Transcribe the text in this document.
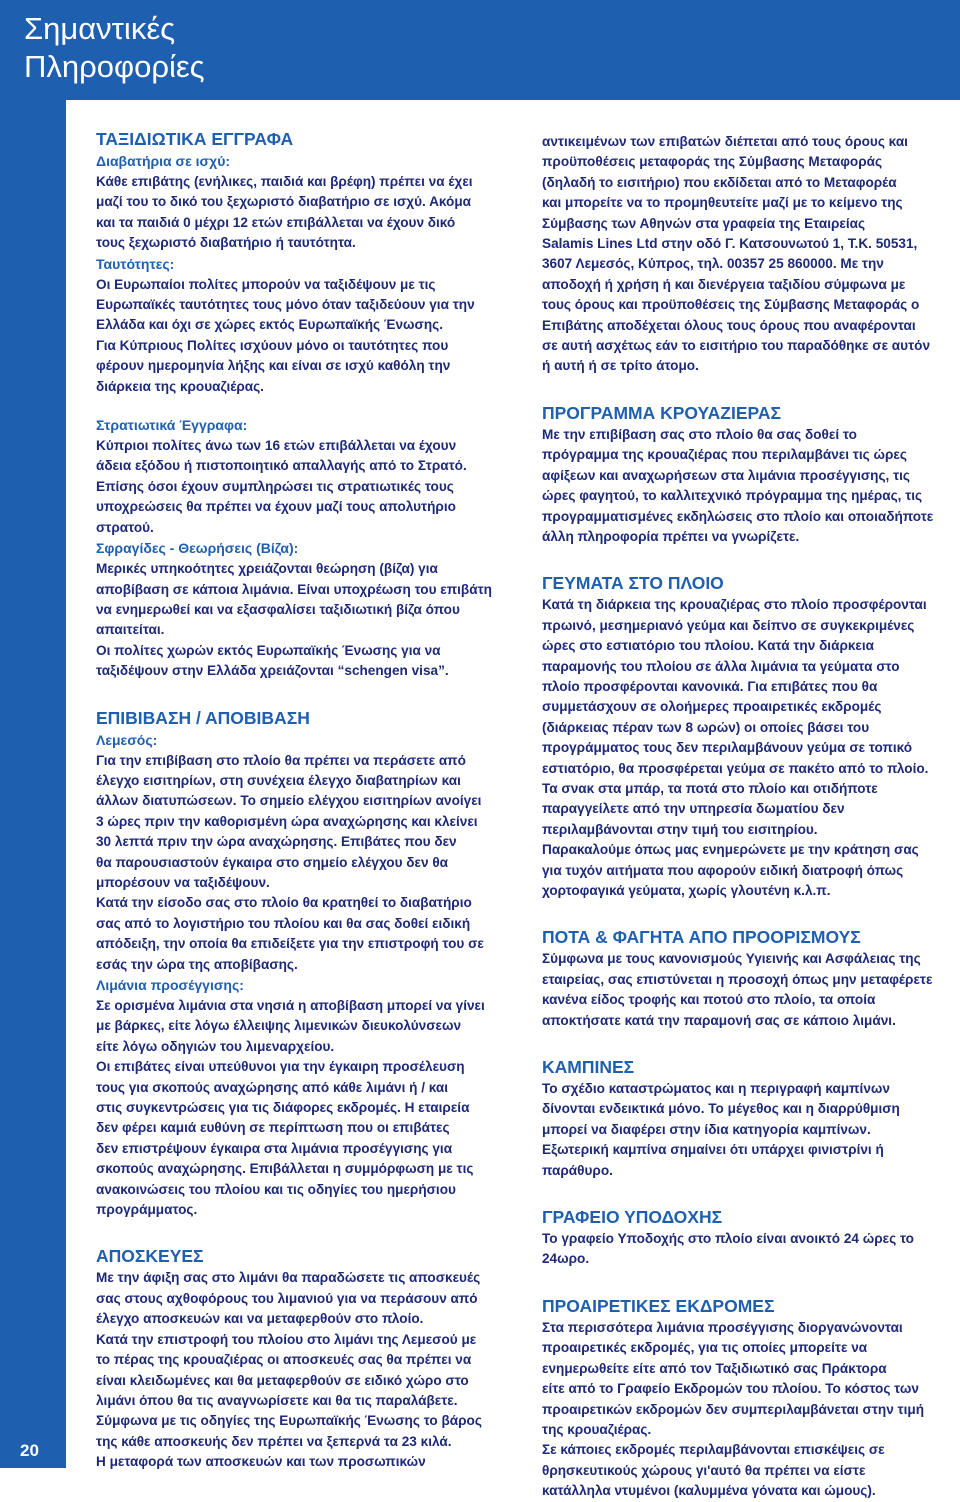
Σημαντικές
Πληροφορίες
20
ΤΑΞΙΔΙΩΤΙΚΑ ΕΓΓΡΑΦΑ
Διαβατήρια σε ισχύ:
Κάθε επιβάτης (ενήλικες, παιδιά και βρέφη) πρέπει να έχει
μαζί του το δικό του ξεχωριστό διαβατήριο σε ισχύ. Ακόμα
και τα παιδιά 0 μέχρι 12 ετών επιβάλλεται να έχουν δικό
τους ξεχωριστό διαβατήριο ή ταυτότητα.
Ταυτότητες:
Οι Ευρωπαίοι πολίτες μπορούν να ταξιδέψουν με τις
Ευρωπαϊκές ταυτότητες τους μόνο όταν ταξιδεύουν για την
Ελλάδα και όχι σε χώρες εκτός Ευρωπαϊκής Ένωσης.
Για Κύπριους Πολίτες ισχύουν μόνο οι ταυτότητες που
φέρουν ημερομηνία λήξης και είναι σε ισχύ καθόλη την
διάρκεια της κρουαζιέρας.
Στρατιωτικά Έγγραφα:
Κύπριοι πολίτες άνω των 16 ετών επιβάλλεται να έχουν
άδεια εξόδου ή πιστοποιητικό απαλλαγής από το Στρατό.
Επίσης όσοι έχουν συμπληρώσει τις στρατιωτικές τους
υποχρεώσεις θα πρέπει να έχουν μαζί τους απολυτήριο
στρατού.
Σφραγίδες - Θεωρήσεις (Βίζα):
Μερικές υπηκοότητες χρειάζονται θεώρηση (βίζα) για
αποβίβαση σε κάποια λιμάνια. Είναι υποχρέωση του επιβάτη
να ενημερωθεί και να εξασφαλίσει ταξιδιωτική βίζα όπου
απαιτείται.
Οι πολίτες χωρών εκτός Ευρωπαϊκής Ένωσης για να
ταξιδέψουν στην Ελλάδα χρειάζονται “schengen visa”.
ΕΠΙΒΙΒΑΣΗ / ΑΠΟΒΙΒΑΣΗ
Λεμεσός:
Για την επιβίβαση στο πλοίο θα πρέπει να περάσετε από
έλεγχο εισιτηρίων, στη συνέχεια έλεγχο διαβατηρίων και
άλλων διατυπώσεων. Το σημείο ελέγχου εισιτηρίων ανοίγει
3 ώρες πριν την καθορισμένη ώρα αναχώρησης και κλείνει
30 λεπτά πριν την ώρα αναχώρησης. Επιβάτες που δεν
θα παρουσιαστούν έγκαιρα στο σημείο ελέγχου δεν θα
μπορέσουν να ταξιδέψουν.
Κατά την είσοδο σας στο πλοίο θα κρατηθεί το διαβατήριο
σας από το λογιστήριο του πλοίου και θα σας δοθεί ειδική
απόδειξη, την οποία θα επιδείξετε για την επιστροφή του σε
εσάς την ώρα της αποβίβασης.
Λιμάνια προσέγγισης:
Σε ορισμένα λιμάνια στα νησιά η αποβίβαση μπορεί να γίνει
με βάρκες, είτε λόγω έλλειψης λιμενικών διευκολύνσεων
είτε λόγω οδηγιών του λιμεναρχείου.
Οι επιβάτες είναι υπεύθυνοι για την έγκαιρη προσέλευση
τους για σκοπούς αναχώρησης από κάθε λιμάνι ή / και
στις συγκεντρώσεις για τις διάφορες εκδρομές. Η εταιρεία
δεν φέρει καμιά ευθύνη σε περίπτωση που οι επιβάτες
δεν επιστρέψουν έγκαιρα στα λιμάνια προσέγγισης για
σκοπούς αναχώρησης. Επιβάλλεται η συμμόρφωση με τις
ανακοινώσεις του πλοίου και τις οδηγίες του ημερήσιου
προγράμματος.
ΑΠΟΣΚΕΥΕΣ
Με την άφιξη σας στο λιμάνι θα παραδώσετε τις αποσκευές
σας στους αχθοφόρους του λιμανιού για να περάσουν από
έλεγχο αποσκευών και να μεταφερθούν στο πλοίο.
Κατά την επιστροφή του πλοίου στο λιμάνι της Λεμεσού με
το πέρας της κρουαζιέρας οι αποσκευές σας θα πρέπει να
είναι κλειδωμένες και θα μεταφερθούν σε ειδικό χώρο στο
λιμάνι όπου θα τις αναγνωρίσετε και θα τις παραλάβετε.
Σύμφωνα με τις οδηγίες της Ευρωπαϊκής Ένωσης το βάρος
της κάθε αποσκευής δεν πρέπει να ξεπερνά τα 23 κιλά.
Η μεταφορά των αποσκευών και των προσωπικών
αντικειμένων των επιβατών διέπεται από τους όρους και
προϋποθέσεις μεταφοράς της Σύμβασης Μεταφοράς
(δηλαδή το εισιτήριο) που εκδίδεται από το Μεταφορέα
και μπορείτε να το προμηθευτείτε μαζί με το κείμενο της
Σύμβασης των Αθηνών στα γραφεία της Εταιρείας
Salamis Lines Ltd στην οδό Γ. Κατσουνωτού 1, Τ.Κ. 50531,
3607 Λεμεσός, Κύπρος, τηλ. 00357 25 860000. Με την
αποδοχή ή χρήση ή και διενέργεια ταξιδίου σύμφωνα με
τους όρους και προϋποθέσεις της Σύμβασης Μεταφοράς ο
Επιβάτης αποδέχεται όλους τους όρους που αναφέρονται
σε αυτή ασχέτως εάν το εισιτήριο του παραδόθηκε σε αυτόν
ή αυτή ή σε τρίτο άτομο.
ΠΡΟΓΡΑΜΜΑ ΚΡΟΥΑΖΙΕΡΑΣ
Με την επιβίβαση σας στο πλοίο θα σας δοθεί το
πρόγραμμα της κρουαζιέρας που περιλαμβάνει τις ώρες
αφίξεων και αναχωρήσεων στα λιμάνια προσέγγισης, τις
ώρες φαγητού, το καλλιτεχνικό πρόγραμμα της ημέρας, τις
προγραμματισμένες εκδηλώσεις στο πλοίο και οποιαδήποτε
άλλη πληροφορία πρέπει να γνωρίζετε.
ΓΕΥΜΑΤΑ ΣΤΟ ΠΛΟΙΟ
Κατά τη διάρκεια της κρουαζιέρας στο πλοίο προσφέρονται
πρωινό, μεσημεριανό γεύμα και δείπνο σε συγκεκριμένες
ώρες στο εστιατόριο του πλοίου. Κατά την διάρκεια
παραμονής του πλοίου σε άλλα λιμάνια τα γεύματα στο
πλοίο προσφέρονται κανονικά. Για επιβάτες που θα
συμμετάσχουν σε ολοήμερες προαιρετικές εκδρομές
(διάρκειας πέραν των 8 ωρών) οι οποίες βάσει του
προγράμματος τους δεν περιλαμβάνουν γεύμα σε τοπικό
εστιατόριο, θα προσφέρεται γεύμα σε πακέτο από το πλοίο.
Τα σνακ στα μπάρ, τα ποτά στο πλοίο και οτιδήποτε
παραγγείλετε από την υπηρεσία δωματίου δεν
περιλαμβάνονται στην τιμή του εισιτηρίου.
Παρακαλούμε όπως μας ενημερώνετε με την κράτηση σας
για τυχόν αιτήματα που αφορούν ειδική διατροφή όπως
χορτοφαγικά γεύματα, χωρίς γλουτένη κ.λ.π.
ΠΟΤΑ & ΦΑΓΗΤΑ ΑΠΟ ΠΡΟΟΡΙΣΜΟΥΣ
Σύμφωνα με τους κανονισμούς Υγιεινής και Ασφάλειας της
εταιρείας, σας επιστύνεται η προσοχή όπως μην μεταφέρετε
κανένα είδος τροφής και ποτού στο πλοίο, τα οποία
αποκτήσατε κατά την παραμονή σας σε κάποιο λιμάνι.
ΚΑΜΠΙΝΕΣ
Το σχέδιο καταστρώματος και η περιγραφή καμπίνων
δίνονται ενδεικτικά μόνο. Το μέγεθος και η διαρρύθμιση
μπορεί να διαφέρει στην ίδια κατηγορία καμπίνων.
Εξωτερική καμπίνα σημαίνει ότι υπάρχει φινιστρίνι ή
παράθυρο.
ΓΡΑΦΕΙΟ ΥΠΟΔΟΧΗΣ
Το γραφείο Υποδοχής στο πλοίο είναι ανοικτό 24 ώρες το
24ωρο.
ΠΡΟΑΙΡΕΤΙΚΕΣ ΕΚΔΡΟΜΕΣ
Στα περισσότερα λιμάνια προσέγγισης διοργανώνονται
προαιρετικές εκδρομές, για τις οποίες μπορείτε να
ενημερωθείτε είτε από τον Ταξιδιωτικό σας Πράκτορα
είτε από το Γραφείο Εκδρομών του πλοίου. Το κόστος των
προαιρετικών εκδρομών δεν συμπεριλαμβάνεται στην τιμή
της κρουαζιέρας.
Σε κάποιες εκδρομές περιλαμβάνονται επισκέψεις σε
θρησκευτικούς χώρους γι'αυτό θα πρέπει να είστε
κατάλληλα ντυμένοι (καλυμμένα γόνατα και ώμους).
